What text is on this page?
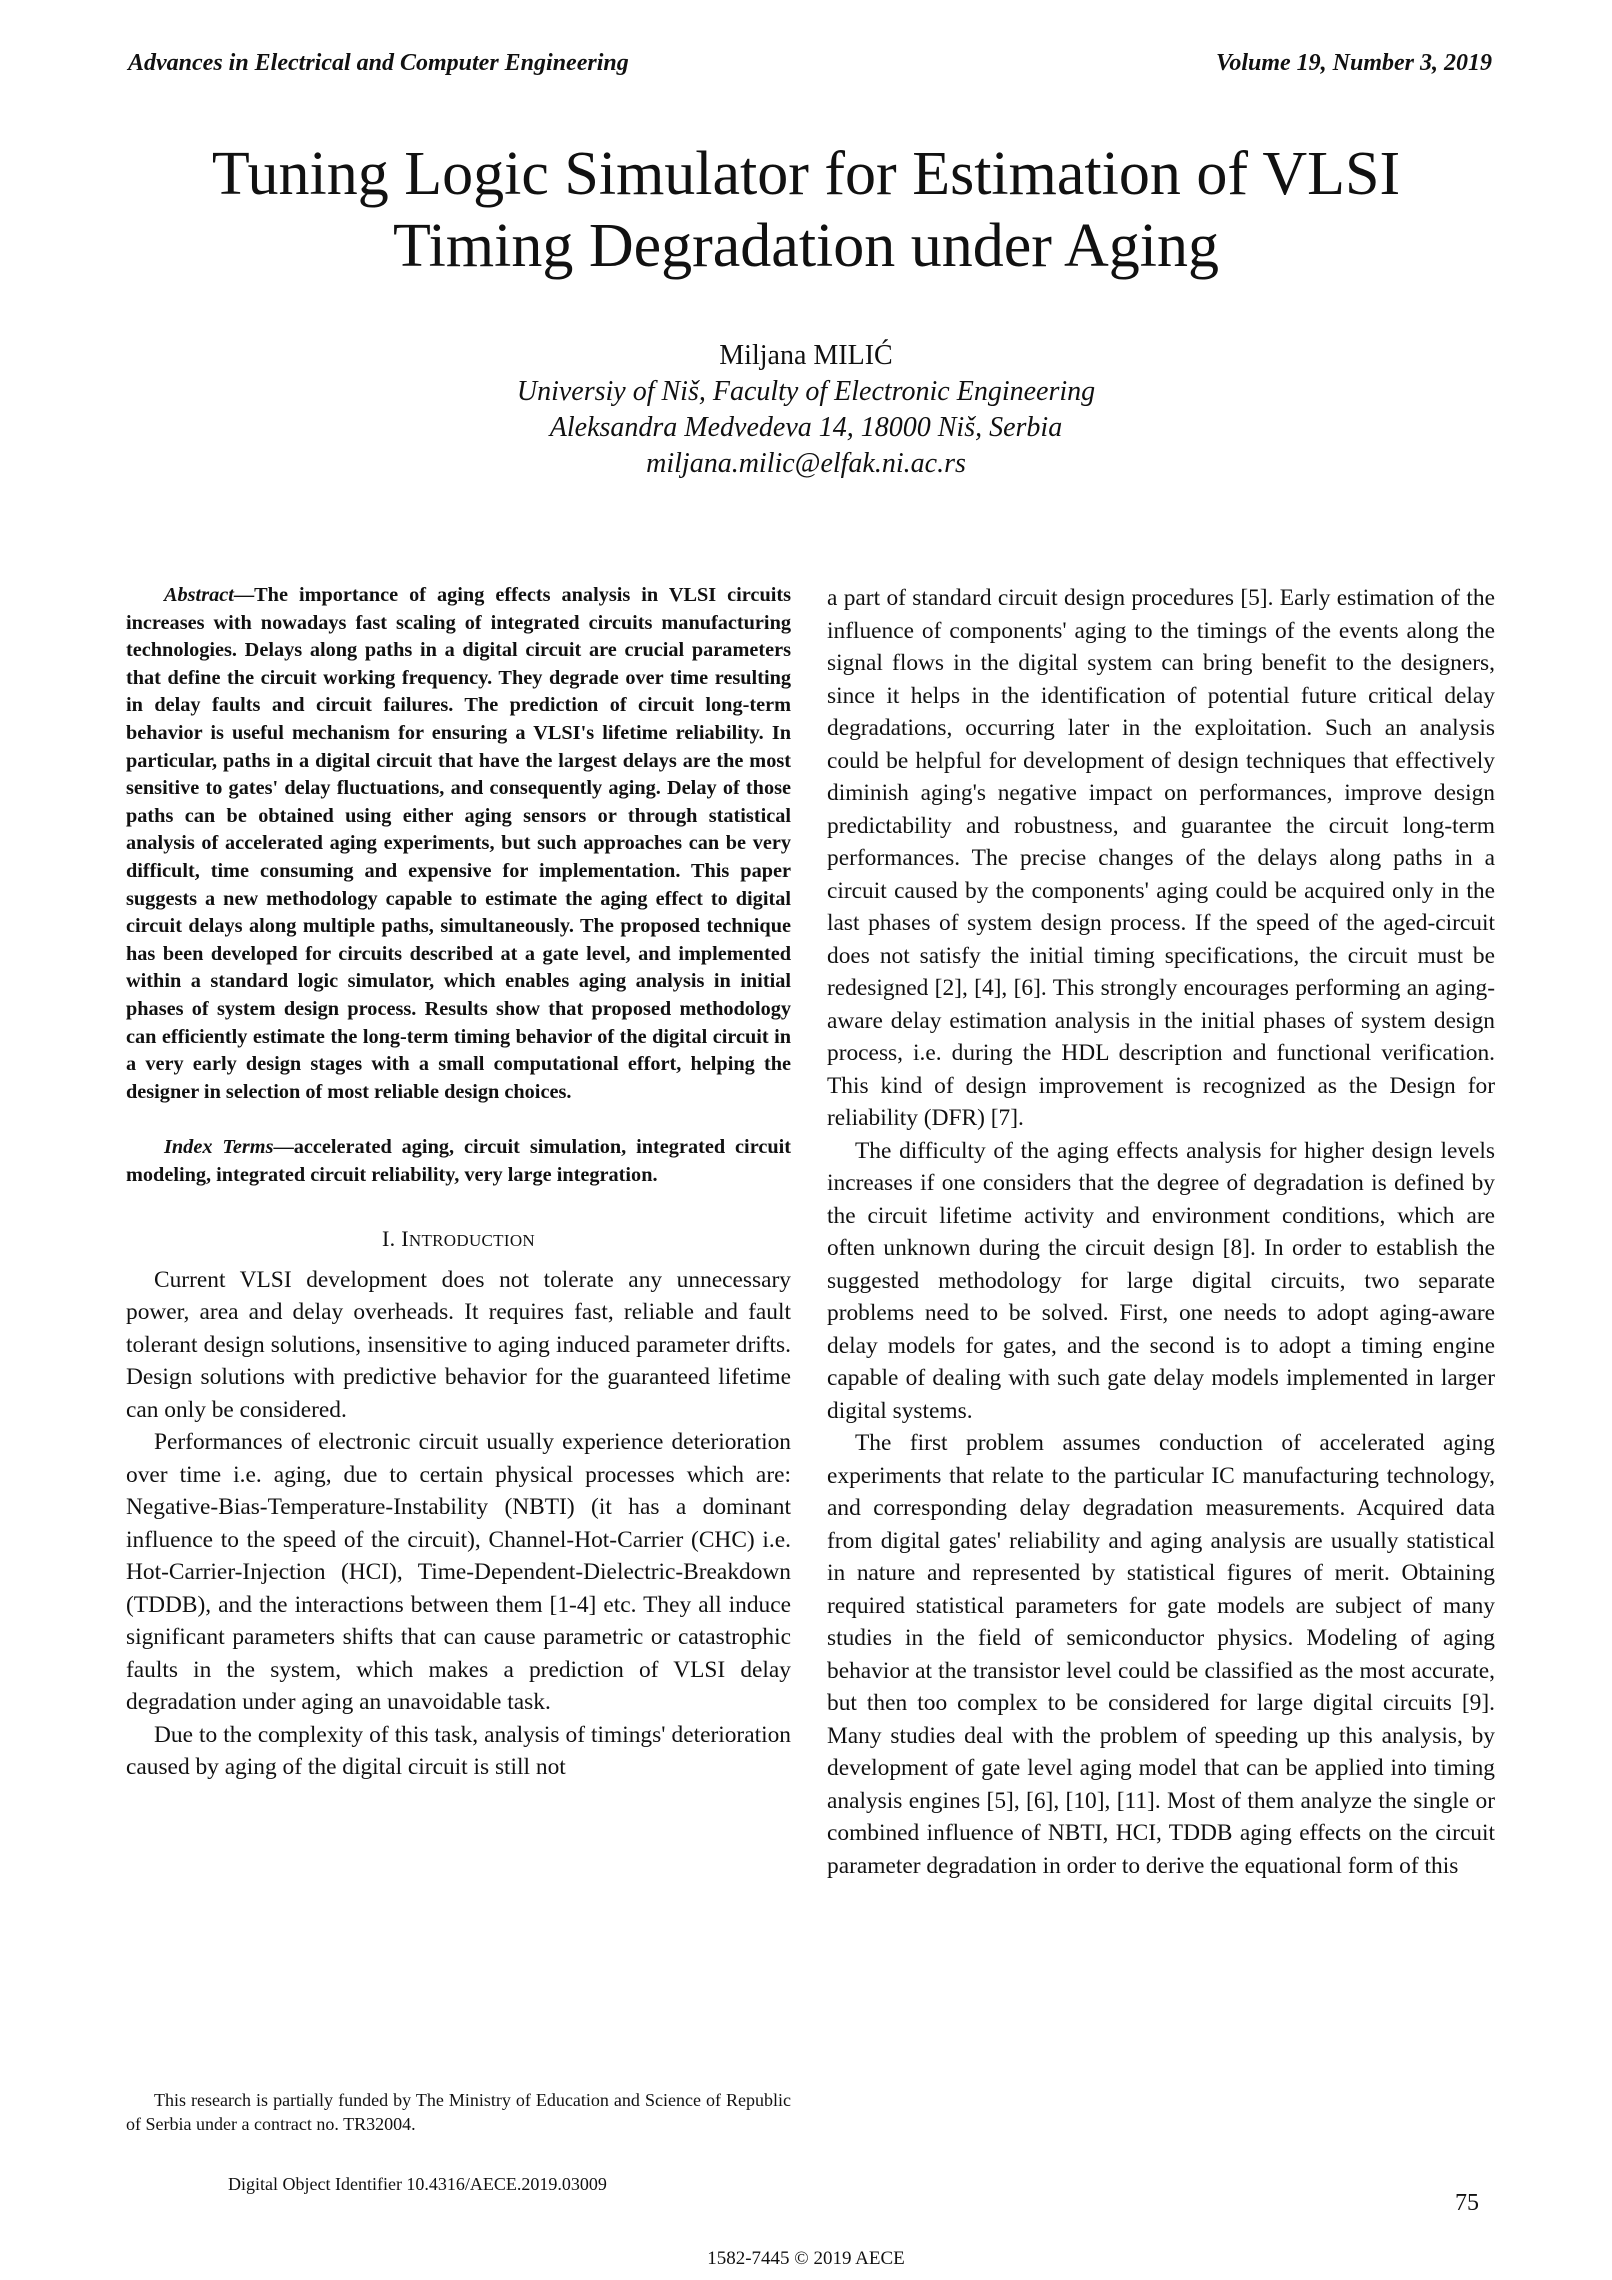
Advances in Electrical and Computer Engineering	Volume 19, Number 3, 2019
Tuning Logic Simulator for Estimation of VLSI
Timing Degradation under Aging
Miljana MILIĆ
Universiy of Niš, Faculty of Electronic Engineering
Aleksandra Medvedeva 14, 18000 Niš, Serbia
miljana.milic@elfak.ni.ac.rs

Abstract—The importance of aging effects analysis in VLSI circuits increases with nowadays fast scaling of integrated circuits manufacturing technologies. Delays along paths in a digital circuit are crucial parameters that define the circuit working frequency. They degrade over time resulting in delay faults and circuit failures. The prediction of circuit long-term behavior is useful mechanism for ensuring a VLSI's lifetime reliability. In particular, paths in a digital circuit that have the largest delays are the most sensitive to gates' delay fluctuations, and consequently aging. Delay of those paths can be obtained using either aging sensors or through statistical analysis of accelerated aging experiments, but such approaches can be very difficult, time consuming and expensive for implementation. This paper suggests a new methodology capable to estimate the aging effect to digital circuit delays along multiple paths, simultaneously. The proposed technique has been developed for circuits described at a gate level, and implemented within a standard logic simulator, which enables aging analysis in initial phases of system design process. Results show that proposed methodology can efficiently estimate the long-term timing behavior of the digital circuit in a very early design stages with a small computational effort, helping the designer in selection of most reliable design choices.

Index Terms—accelerated aging, circuit simulation, integrated circuit modeling, integrated circuit reliability, very large integration.

I. INTRODUCTION

Current VLSI development does not tolerate any unnecessary power, area and delay overheads. It requires fast, reliable and fault tolerant design solutions, insensitive to aging induced parameter drifts. Design solutions with predictive behavior for the guaranteed lifetime can only be considered.

Performances of electronic circuit usually experience deterioration over time i.e. aging, due to certain physical processes which are: Negative-Bias-Temperature-Instability (NBTI) (it has a dominant influence to the speed of the circuit), Channel-Hot-Carrier (CHC) i.e. Hot-Carrier-Injection (HCI), Time-Dependent-Dielectric-Breakdown (TDDB), and the interactions between them [1-4] etc. They all induce significant parameters shifts that can cause parametric or catastrophic faults in the system, which makes a prediction of VLSI delay degradation under aging an unavoidable task.

Due to the complexity of this task, analysis of timings' deterioration caused by aging of the digital circuit is still not

a part of standard circuit design procedures [5]. Early estimation of the influence of components' aging to the timings of the events along the signal flows in the digital system can bring benefit to the designers, since it helps in the identification of potential future critical delay degradations, occurring later in the exploitation. Such an analysis could be helpful for development of design techniques that effectively diminish aging's negative impact on performances, improve design predictability and robustness, and guarantee the circuit long-term performances. The precise changes of the delays along paths in a circuit caused by the components' aging could be acquired only in the last phases of system design process. If the speed of the aged-circuit does not satisfy the initial timing specifications, the circuit must be redesigned [2], [4], [6]. This strongly encourages performing an aging-aware delay estimation analysis in the initial phases of system design process, i.e. during the HDL description and functional verification. This kind of design improvement is recognized as the Design for reliability (DFR) [7].

The difficulty of the aging effects analysis for higher design levels increases if one considers that the degree of degradation is defined by the circuit lifetime activity and environment conditions, which are often unknown during the circuit design [8]. In order to establish the suggested methodology for large digital circuits, two separate problems need to be solved. First, one needs to adopt aging-aware delay models for gates, and the second is to adopt a timing engine capable of dealing with such gate delay models implemented in larger digital systems.

The first problem assumes conduction of accelerated aging experiments that relate to the particular IC manufacturing technology, and corresponding delay degradation measurements. Acquired data from digital gates' reliability and aging analysis are usually statistical in nature and represented by statistical figures of merit. Obtaining required statistical parameters for gate models are subject of many studies in the field of semiconductor physics. Modeling of aging behavior at the transistor level could be classified as the most accurate, but then too complex to be considered for large digital circuits [9]. Many studies deal with the problem of speeding up this analysis, by development of gate level aging model that can be applied into timing analysis engines [5], [6], [10], [11]. Most of them analyze the single or combined influence of NBTI, HCI, TDDB aging effects on the circuit parameter degradation in order to derive the equational form of this

This research is partially funded by The Ministry of Education and Science of Republic of Serbia under a contract no. TR32004.
Digital Object Identifier 10.4316/AECE.2019.03009
75
1582-7445 © 2019 AECE
